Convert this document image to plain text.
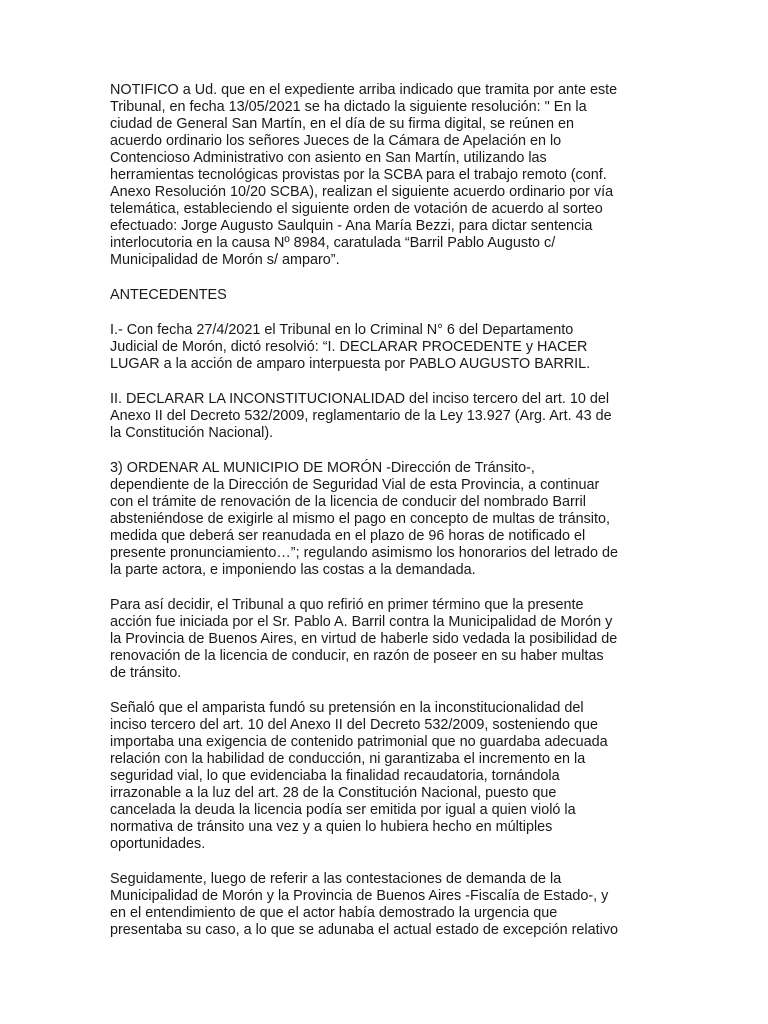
NOTIFICO a Ud. que en el expediente arriba indicado que tramita por ante este
Tribunal, en fecha 13/05/2021 se ha dictado la siguiente resolución: " En la
ciudad de General San Martín, en el día de su firma digital, se reúnen en
acuerdo ordinario los señores Jueces de la Cámara de Apelación en lo
Contencioso Administrativo con asiento en San Martín, utilizando las
herramientas tecnológicas provistas por la SCBA para el trabajo remoto (conf.
Anexo Resolución 10/20 SCBA), realizan el siguiente acuerdo ordinario por vía
telemática, estableciendo el siguiente orden de votación de acuerdo al sorteo
efectuado: Jorge Augusto Saulquin - Ana María Bezzi, para dictar sentencia
interlocutoria en la causa Nº 8984, caratulada “Barril Pablo Augusto c/
Municipalidad de Morón s/ amparo”.

ANTECEDENTES

I.- Con fecha 27/4/2021 el Tribunal en lo Criminal N° 6 del Departamento
Judicial de Morón, dictó resolvió: “I. DECLARAR PROCEDENTE y HACER
LUGAR a la acción de amparo interpuesta por PABLO AUGUSTO BARRIL.

II. DECLARAR LA INCONSTITUCIONALIDAD del inciso tercero del art. 10 del
Anexo II del Decreto 532/2009, reglamentario de la Ley 13.927 (Arg. Art. 43 de
la Constitución Nacional).

3) ORDENAR AL MUNICIPIO DE MORÓN -Dirección de Tránsito-,
dependiente de la Dirección de Seguridad Vial de esta Provincia, a continuar
con el trámite de renovación de la licencia de conducir del nombrado Barril
absteniéndose de exigirle al mismo el pago en concepto de multas de tránsito,
medida que deberá ser reanudada en el plazo de 96 horas de notificado el
presente pronunciamiento…”; regulando asimismo los honorarios del letrado de
la parte actora, e imponiendo las costas a la demandada.

Para así decidir, el Tribunal a quo refirió en primer término que la presente
acción fue iniciada por el Sr. Pablo A. Barril contra la Municipalidad de Morón y
la Provincia de Buenos Aires, en virtud de haberle sido vedada la posibilidad de
renovación de la licencia de conducir, en razón de poseer en su haber multas
de tránsito.

Señaló que el amparista fundó su pretensión en la inconstitucionalidad del
inciso tercero del art. 10 del Anexo II del Decreto 532/2009, sosteniendo que
importaba una exigencia de contenido patrimonial que no guardaba adecuada
relación con la habilidad de conducción, ni garantizaba el incremento en la
seguridad vial, lo que evidenciaba la finalidad recaudatoria, tornándola
irrazonable a la luz del art. 28 de la Constitución Nacional, puesto que
cancelada la deuda la licencia podía ser emitida por igual a quien violó la
normativa de tránsito una vez y a quien lo hubiera hecho en múltiples
oportunidades.

Seguidamente, luego de referir a las contestaciones de demanda de la
Municipalidad de Morón y la Provincia de Buenos Aires -Fiscalía de Estado-, y
en el entendimiento de que el actor había demostrado la urgencia que
presentaba su caso, a lo que se adunaba el actual estado de excepción relativo
